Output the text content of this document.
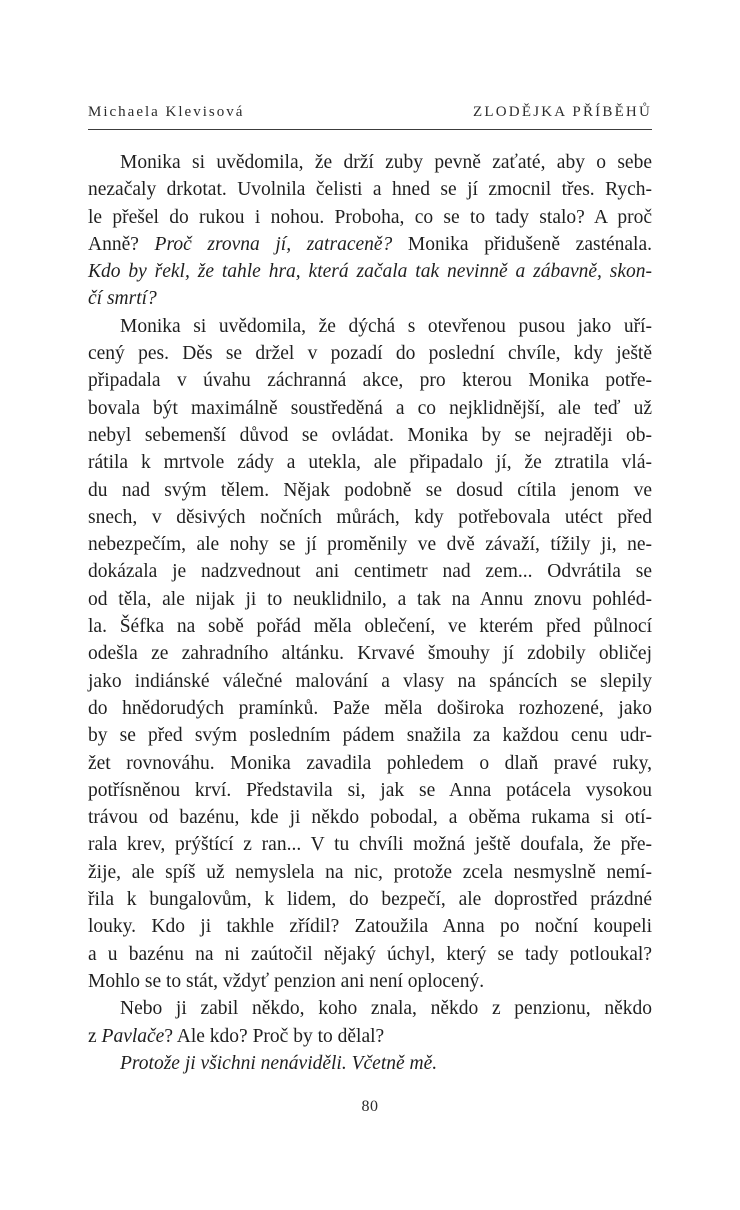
Michaela Klevisová	ZLODĚJKA PŘÍBĚHŮ
Monika si uvědomila, že drží zuby pevně zaťaté, aby o sebe
nezačaly drkotat. Uvolnila čelisti a hned se jí zmocnil třes. Rych-
le přešel do rukou i nohou. Proboha, co se to tady stalo? A proč
Anně? Proč zrovna jí, zatraceně? Monika přidušeně zasténala.
Kdo by řekl, že tahle hra, která začala tak nevinně a zábavně, skon-
čí smrtí?
Monika si uvědomila, že dýchá s otevřenou pusou jako uří-
cený pes. Děs se držel v pozadí do poslední chvíle, kdy ještě
připadala v úvahu záchranná akce, pro kterou Monika potře-
bovala být maximálně soustředěná a co nejklidnější, ale teď už
nebyl sebemenší důvod se ovládat. Monika by se nejraději ob-
rátila k mrtvole zády a utekla, ale připadalo jí, že ztratila vlá-
du nad svým tělem. Nějak podobně se dosud cítila jenom ve
snech, v děsivých nočních můrách, kdy potřebovala utéct před
nebezpečím, ale nohy se jí proměnily ve dvě závaží, tížily ji, ne-
dokázala je nadzvednout ani centimetr nad zem... Odvrátila se
od těla, ale nijak ji to neuklidnilo, a tak na Annu znovu pohléd-
la. Šéfka na sobě pořád měla oblečení, ve kterém před půlnocí
odešla ze zahradního altánku. Krvavé šmouhy jí zdobily obličej
jako indiánské válečné malování a vlasy na spáncích se slepily
do hnědorudých pramínků. Paže měla doširoka rozhozené, jako
by se před svým posledním pádem snažila za každou cenu udr-
žet rovnováhu. Monika zavadila pohledem o dlaň pravé ruky,
potřísněnou krví. Představila si, jak se Anna potácela vysokou
trávou od bazénu, kde ji někdo pobodal, a oběma rukama si otí-
rala krev, prýštící z ran... V tu chvíli možná ještě doufala, že pře-
žije, ale spíš už nemyslela na nic, protože zcela nesmyslně nemí-
řila k bungalovům, k lidem, do bezpečí, ale doprostřed prázdné
louky. Kdo ji takhle zřídil? Zatoužila Anna po noční koupeli
a u bazénu na ni zaútočil nějaký úchyl, který se tady potloukal?
Mohlo se to stát, vždyť penzion ani není oplocený.
Nebo ji zabil někdo, koho znala, někdo z penzionu, někdo
z Pavlače? Ale kdo? Proč by to dělal?
Protože ji všichni nenáviděli. Včetně mě.
80
